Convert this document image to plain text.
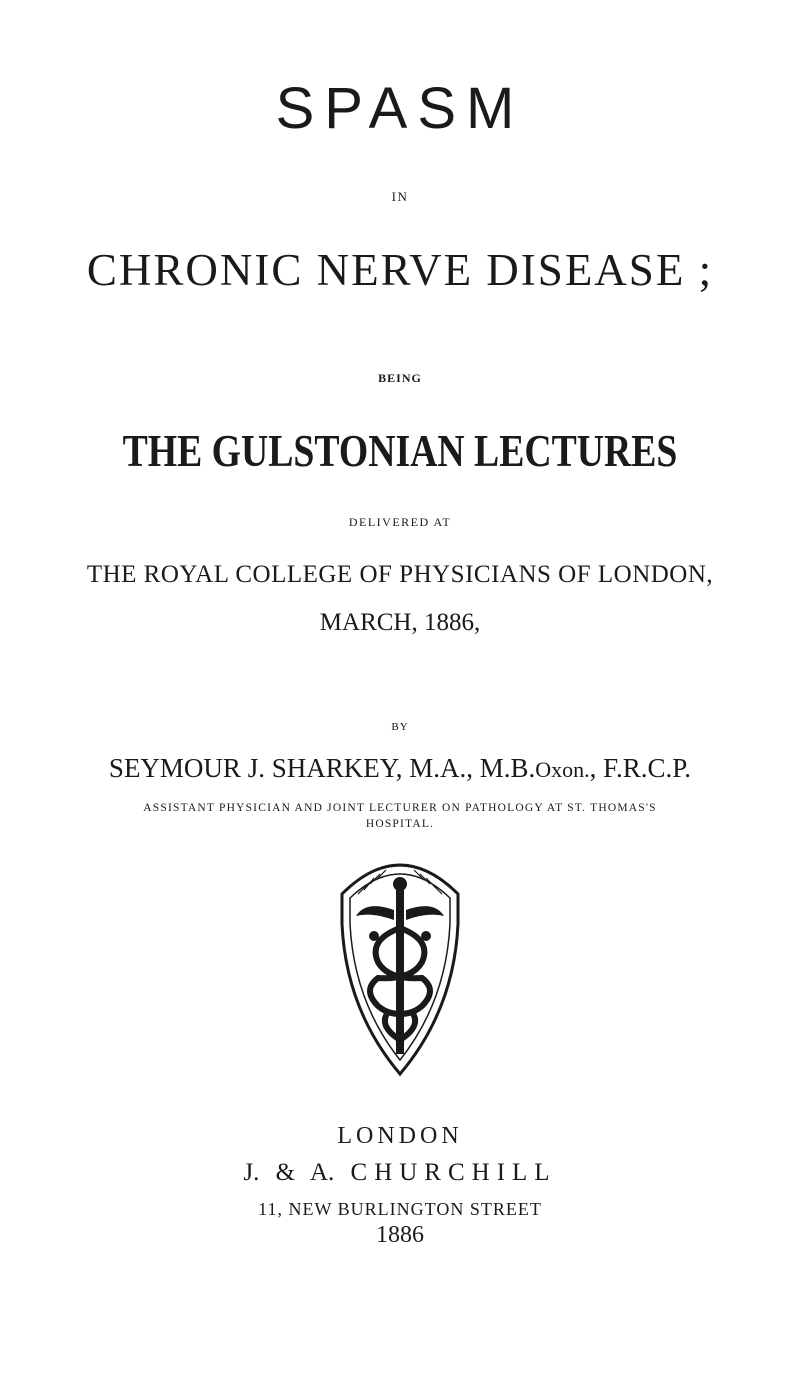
SPASM
IN
CHRONIC NERVE DISEASE ;
BEING
THE GULSTONIAN LECTURES
DELIVERED AT
THE ROYAL COLLEGE OF PHYSICIANS OF LONDON,
MARCH, 1886,
BY
SEYMOUR J. SHARKEY, M.A., M.B.Oxon., F.R.C.P.
ASSISTANT PHYSICIAN AND JOINT LECTURER ON PATHOLOGY AT ST. THOMAS'S
HOSPITAL.
LONDON
J. & A. CHURCHILL
11, NEW BURLINGTON STREET
1886
